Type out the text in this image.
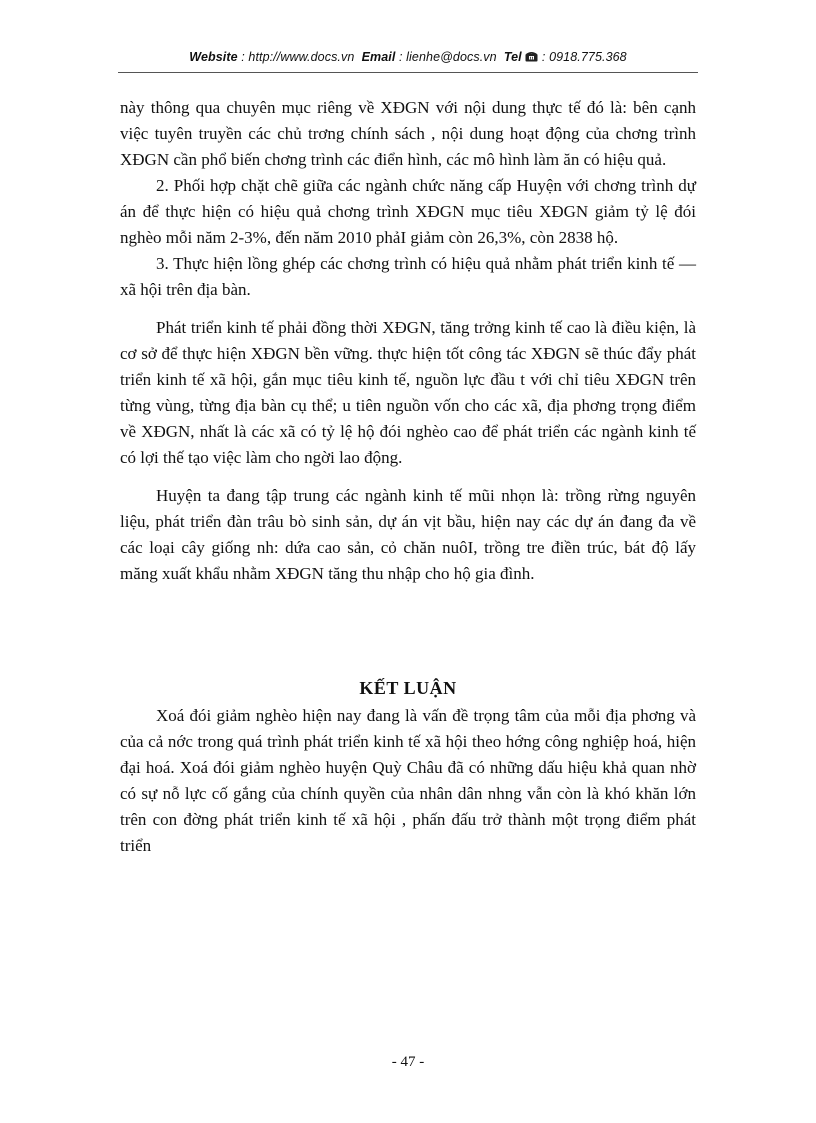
Website : http://www.docs.vn Email : lienhe@docs.vn Tel : 0918.775.368

này thông qua chuyên mục riêng về XĐGN với nội dung thực tế đó là: bên cạnh việc tuyên truyền các chủ trơng chính sách , nội dung hoạt động của chơng trình XĐGN cần phổ biến chơng trình các điển hình, các mô hình làm ăn có hiệu quả.

2. Phối hợp chặt chẽ giữa các ngành chức năng cấp Huyện với chơng trình dự án để thực hiện có hiệu quả chơng trình XĐGN mục tiêu XĐGN giảm tỷ lệ đói nghèo mỗi năm 2-3%, đến năm 2010 phảI giảm còn 26,3%, còn 2838 hộ.

3. Thực hiện lồng ghép các chơng trình có hiệu quả nhằm phát triển kinh tế — xã hội trên địa bàn.

Phát triển kinh tế phải đồng thời XĐGN, tăng trởng kinh tế cao là điều kiện, là cơ sở để thực hiện XĐGN bền vững. thực hiện tốt công tác XĐGN sẽ thúc đẩy phát triển kinh tế xã hội, gắn mục tiêu kinh tế, nguồn lực đầu t với chỉ tiêu XĐGN trên từng vùng, từng địa bàn cụ thể; u tiên nguồn vốn cho các xã, địa phơng trọng điểm về XĐGN, nhất là các xã có tỷ lệ hộ đói nghèo cao để phát triển các ngành kinh tế có lợi thế tạo việc làm cho ngời lao động.

Huyện ta đang tập trung các ngành kinh tế mũi nhọn là: trồng rừng nguyên liệu, phát triển đàn trâu bò sinh sản, dự án vịt bầu, hiện nay các dự án đang đa về các loại cây giống nh: dứa cao sản, cỏ chăn nuôI, trồng tre điền trúc, bát độ lấy măng xuất khẩu nhằm XĐGN tăng thu nhập cho hộ gia đình.

KẾT LUẬN

Xoá đói giảm nghèo hiện nay đang là vấn đề trọng tâm của mỗi địa phơng và của cả nớc trong quá trình phát triển kinh tế xã hội theo hớng công nghiệp hoá, hiện đại hoá. Xoá đói giảm nghèo huyện Quỳ Châu đã có những dấu hiệu khả quan nhờ có sự nỗ lực cố gắng của chính quyền của nhân dân nhng vẫn còn là khó khăn lớn trên con đờng phát triển kinh tế xã hội , phấn đấu trở thành một trọng điểm phát triển

- 47 -
